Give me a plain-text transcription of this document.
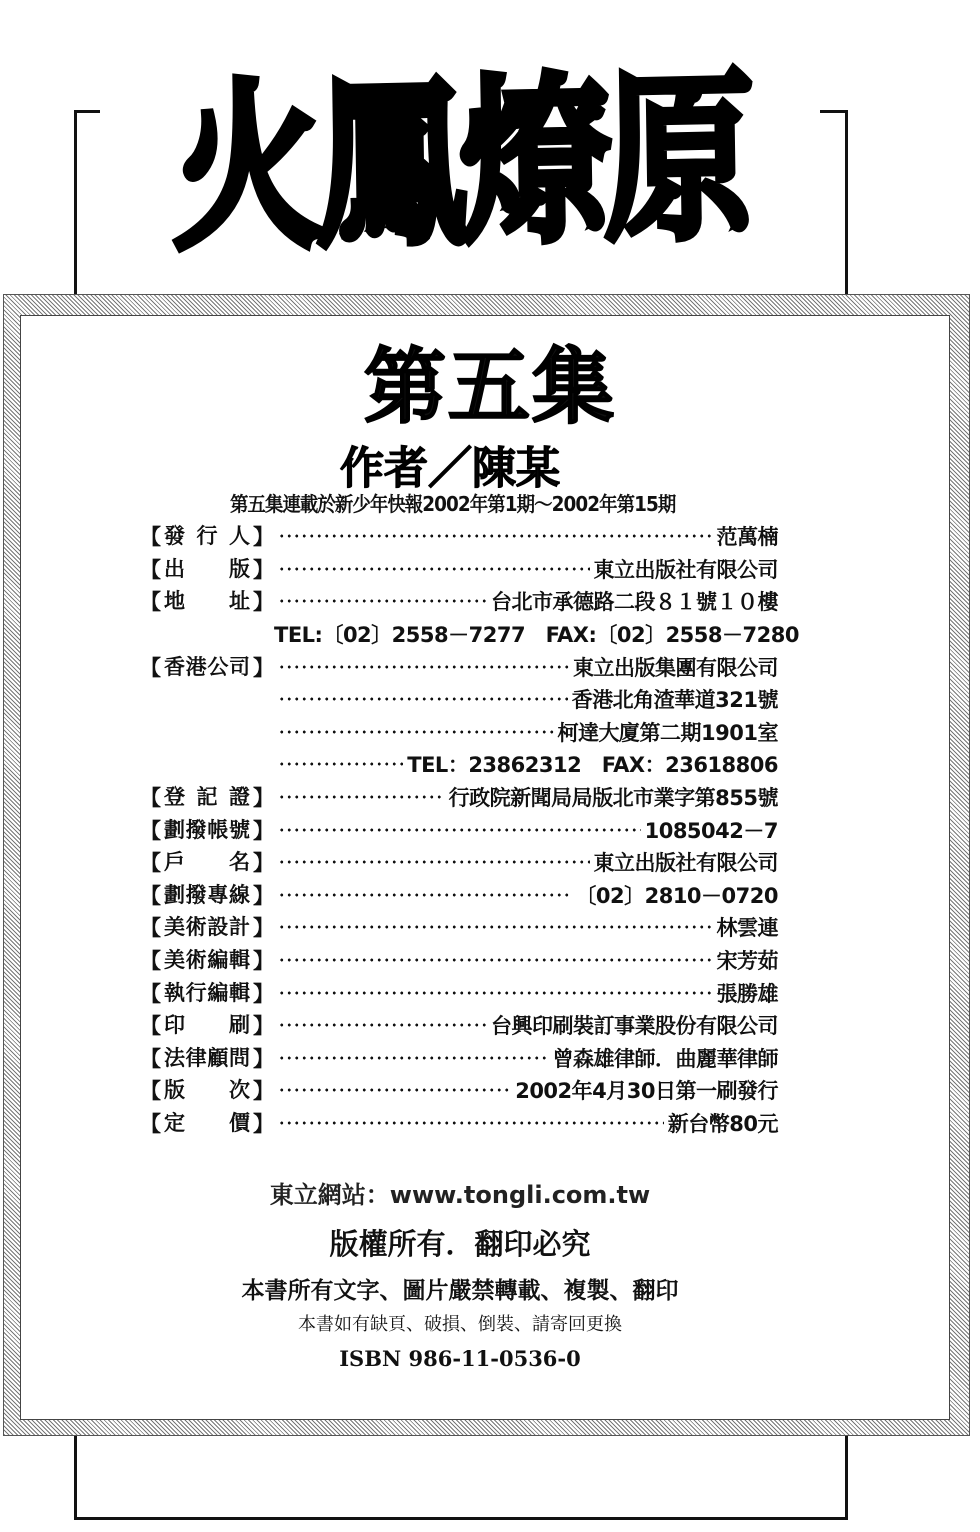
火鳳燎原
第五集
作者／陳某
第五集連載於新少年快報2002年第1期～2002年第15期
【 發行人 】	范萬楠
【 出版 】	東立出版社有限公司
【 地址 】	台北市承德路二段８１號１０樓
TEL:〔02〕2558－7277　FAX:〔02〕2558－7280
【 香港公司 】	東立出版集團有限公司
香港北角渣華道321號
柯達大廈第二期1901室
TEL：23862312　FAX：23618806
【 登記證 】	行政院新聞局局版北市業字第855號
【 劃撥帳號 】	1085042－7
【 戶名 】	東立出版社有限公司
【 劃撥專線 】	〔02〕2810－0720
【 美術設計 】	林雲連
【 美術編輯 】	宋芳茹
【 執行編輯 】	張勝雄
【 印刷 】	台興印刷裝訂事業股份有限公司
【 法律顧問 】	曾森雄律師．曲麗華律師
【 版次 】	2002年4月30日第一刷發行
【 定價 】	新台幣80元
東立網站：www.tongli.com.tw
版權所有．翻印必究
本書所有文字、圖片嚴禁轉載、複製、翻印
本書如有缺頁、破損、倒裝、請寄回更換
ISBN 986-11-0536-0
